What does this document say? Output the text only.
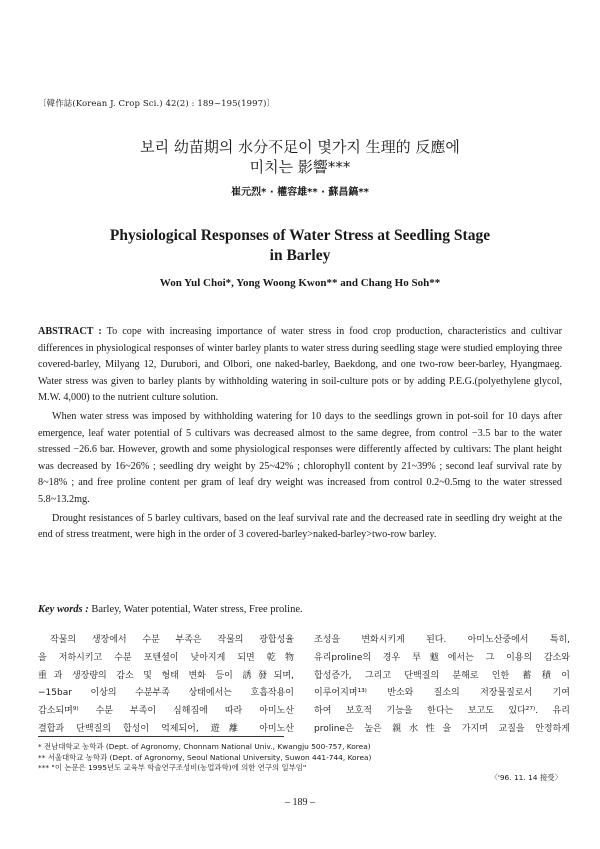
〔韓作誌(Korean J. Crop Sci.) 42(2) : 189~195(1997)〕
보리 幼苗期의 水分不足이 몇가지 生理的 反應에
미치는 影響***
崔元烈* · 權容雄** · 蘇昌鎬**
Physiological Responses of Water Stress at Seedling Stage
in Barley
Won Yul Choi*, Yong Woong Kwon** and Chang Ho Soh**

ABSTRACT : To cope with increasing importance of water stress in food crop production, characteristics and cultivar differences in physiological responses of winter barley plants to water stress during seedling stage were studied employing three covered-barley, Milyang 12, Durubori, and Olbori, one naked-barley, Baekdong, and one two-row beer-barley, Hyangmaeg. Water stress was given to barley plants by withholding watering in soil-culture pots or by adding P.E.G.(polyethylene glycol, M.W. 4,000) to the nutrient culture solution.

When water stress was imposed by withholding watering for 10 days to the seedlings grown in pot-soil for 10 days after emergence, leaf water potential of 5 cultivars was decreased almost to the same degree, from control −3.5 bar to the water stressed −26.6 bar. However, growth and some physiological responses were differently affected by cultivars: The plant height was decreased by 16~26% ; seedling dry weight by 25~42% ; chlorophyll content by 21~39% ; second leaf survival rate by 8~18% ; and free proline content per gram of leaf dry weight was increased from control 0.2~0.5mg to the water stressed 5.8~13.2mg.

Drought resistances of 5 barley cultivars, based on the leaf survival rate and the decreased rate in seedling dry weight at the end of stress treatment, were high in the order of 3 covered-barley>naked-barley>two-row barley.

Key words : Barley, Water potential, Water stress, Free proline.
작물의 생장에서 수분 부족은 작물의 광합성율
을 저하시키고 수분 포텐셜이 낮아지게 되면 乾物
重과 생장량의 감소 및 형태 변화 등이 誘發되며,
−15bar 이상의 수분부족 상태에서는 호흡작용이
감소되며⁹⁾ 수분 부족이 심해짐에 따라 아미노산
결합과 단백질의 합성이 억제되어, 遊離 아미노산
조성을 변화시키게 된다. 아미노산중에서 특히,
유리proline의 경우 旱魃에서는 그 이용의 감소와
합성증가, 그리고 단백질의 분해로 인한 蓄積이
이루어지며¹³⁾ 반소와 질소의 저장물질로서 기여
하여 보호적 기능을 한다는 보고도 있다²⁷⁾. 유리
proline은 높은 親水性을 가지며 교질을 안정하게
* 전남대학교 농학과 (Dept. of Agronomy, Chonnam National Univ., Kwangju 500-757, Korea)
** 서울대학교 농학과 (Dept. of Agronomy, Seoul National University, Suwon 441-744, Korea)
*** "이 논문은 1995년도 교육부 학술연구조성비(농업과학)에 의한 연구의 일부임"
〈'96. 11. 14 接受〉
– 189 –
